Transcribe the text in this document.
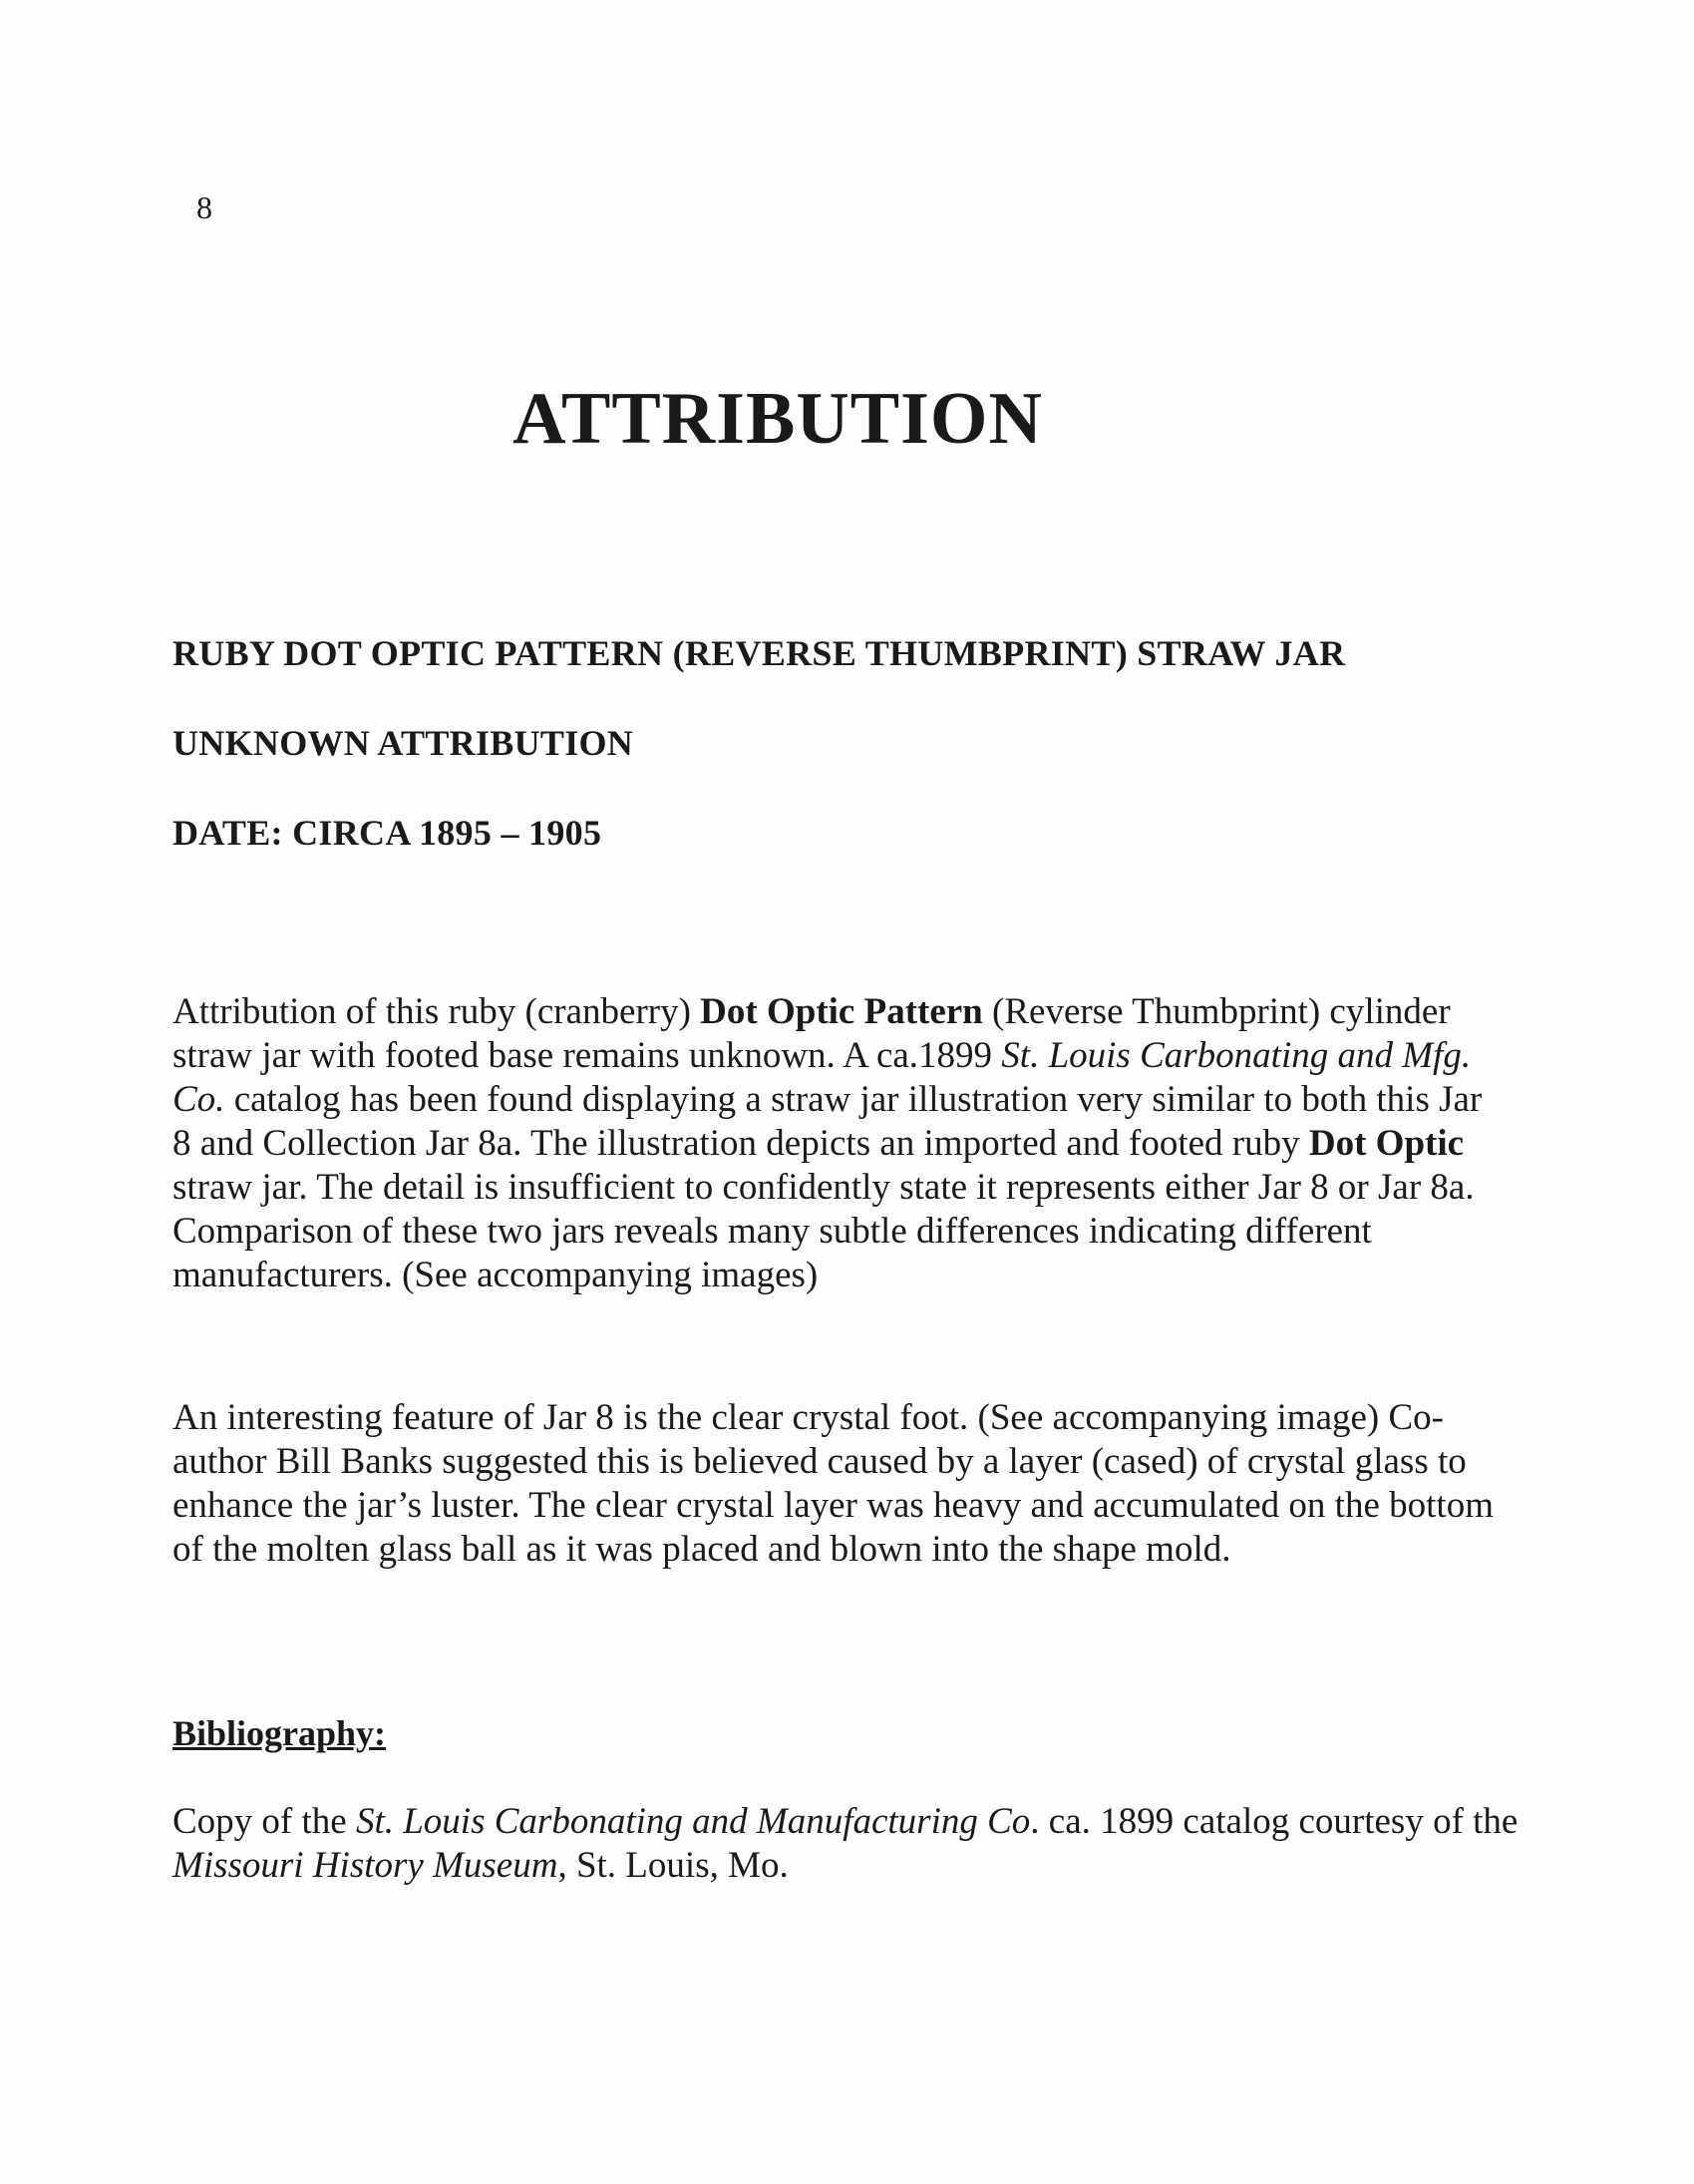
8
ATTRIBUTION

RUBY DOT OPTIC PATTERN (REVERSE THUMBPRINT) STRAW JAR

UNKNOWN ATTRIBUTION

DATE: CIRCA 1895 – 1905

Attribution of this ruby (cranberry) Dot Optic Pattern (Reverse Thumbprint) cylinder straw jar with footed base remains unknown. A ca.1899 St. Louis Carbonating and Mfg. Co. catalog has been found displaying a straw jar illustration very similar to both this Jar 8 and Collection Jar 8a. The illustration depicts an imported and footed ruby Dot Optic straw jar. The detail is insufficient to confidently state it represents either Jar 8 or Jar 8a. Comparison of these two jars reveals many subtle differences indicating different manufacturers. (See accompanying images)

An interesting feature of Jar 8 is the clear crystal foot. (See accompanying image) Co-author Bill Banks suggested this is believed caused by a layer (cased) of crystal glass to enhance the jar’s luster. The clear crystal layer was heavy and accumulated on the bottom of the molten glass ball as it was placed and blown into the shape mold.

Bibliography:

Copy of the St. Louis Carbonating and Manufacturing Co. ca. 1899 catalog courtesy of the Missouri History Museum, St. Louis, Mo.
